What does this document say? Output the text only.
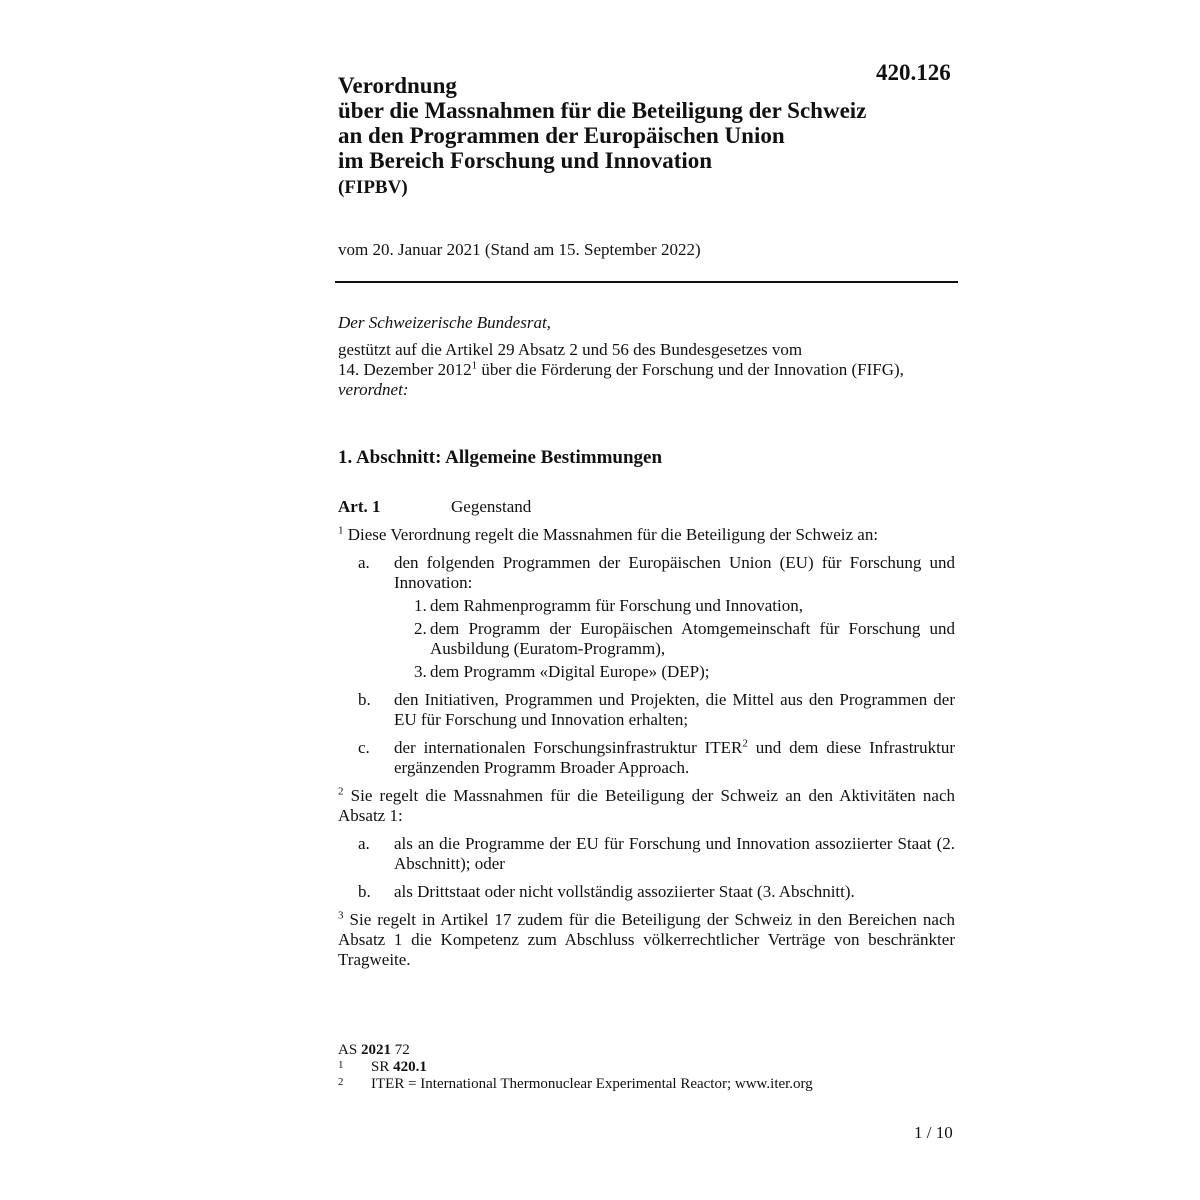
420.126
Verordnung
über die Massnahmen für die Beteiligung der Schweiz
an den Programmen der Europäischen Union
im Bereich Forschung und Innovation
(FIPBV)
vom 20. Januar 2021 (Stand am 15. September 2022)
Der Schweizerische Bundesrat,
gestützt auf die Artikel 29 Absatz 2 und 56 des Bundesgesetzes vom
14. Dezember 2012$^1$ über die Förderung der Forschung und der Innovation (FIFG),
verordnet:
1. Abschnitt: Allgemeine Bestimmungen
Art. 1	Gegenstand
$^1$ Diese Verordnung regelt die Massnahmen für die Beteiligung der Schweiz an:
a.	den folgenden Programmen der Europäischen Union (EU) für Forschung und Innovation:
1. dem Rahmenprogramm für Forschung und Innovation,
2. dem Programm der Europäischen Atomgemeinschaft für Forschung und Ausbildung (Euratom-Programm),
3. dem Programm «Digital Europe» (DEP);
b.	den Initiativen, Programmen und Projekten, die Mittel aus den Programmen der EU für Forschung und Innovation erhalten;
c.	der internationalen Forschungsinfrastruktur ITER$^2$ und dem diese Infrastruktur ergänzenden Programm Broader Approach.
$^2$ Sie regelt die Massnahmen für die Beteiligung der Schweiz an den Aktivitäten nach Absatz 1:
a.	als an die Programme der EU für Forschung und Innovation assoziierter Staat (2. Abschnitt); oder
b.	als Drittstaat oder nicht vollständig assoziierter Staat (3. Abschnitt).
$^3$ Sie regelt in Artikel 17 zudem für die Beteiligung der Schweiz in den Bereichen nach Absatz 1 die Kompetenz zum Abschluss völkerrechtlicher Verträge von beschränkter Tragweite.
AS 2021 72
1	SR 420.1
2	ITER = International Thermonuclear Experimental Reactor; www.iter.org
1 / 10
